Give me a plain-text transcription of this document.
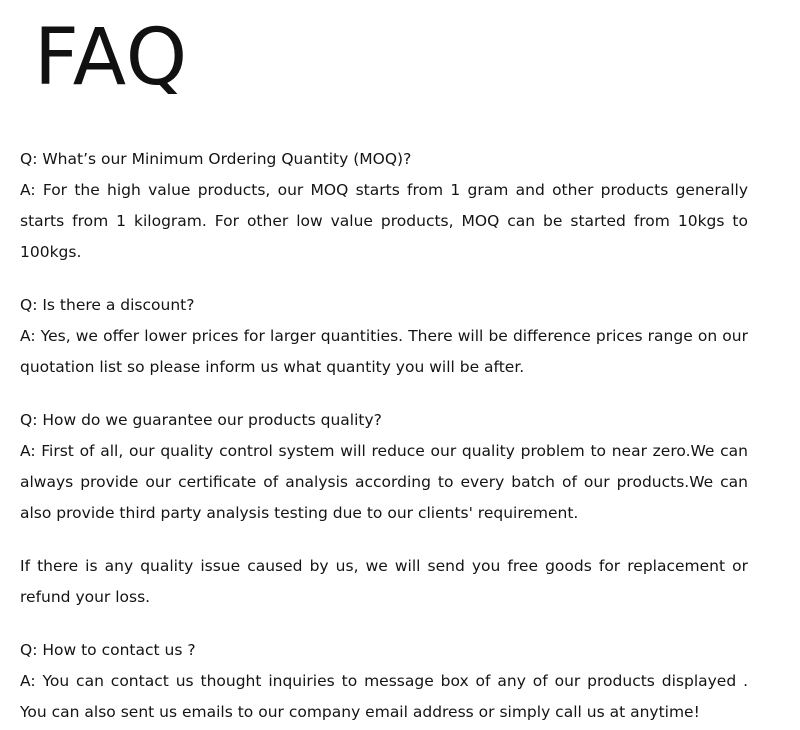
FAQ

Q: What’s our Minimum Ordering Quantity (MOQ)?

A: For the high value products, our MOQ starts from 1 gram and other products generally starts from 1 kilogram. For other low value products, MOQ can be started from 10kgs to 100kgs.

Q: Is there a discount?

A: Yes, we offer lower prices for larger quantities. There will be difference prices range on our quotation list so please inform us what quantity you will be after.

Q: How do we guarantee our products quality?

A: First of all, our quality control system will reduce our quality problem to near zero.We can always provide our certificate of analysis according to every batch of our products.We can also provide third party analysis testing due to our clients' requirement.

If there is any quality issue caused by us, we will send you free goods for replacement or refund your loss.

Q: How to contact us ?

A: You can contact us thought inquiries to message box of any of our products displayed . You can also sent us emails to our company email address or simply call us at anytime!
